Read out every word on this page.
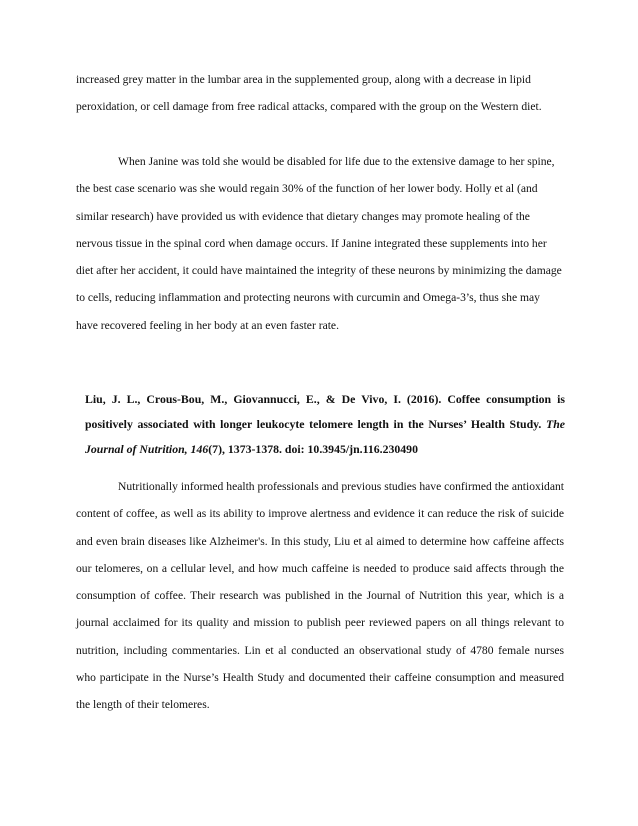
increased grey matter in the lumbar area in the supplemented group, along with a decrease in lipid peroxidation, or cell damage from free radical attacks, compared with the group on the Western diet.

When Janine was told she would be disabled for life due to the extensive damage to her spine, the best case scenario was she would regain 30% of the function of her lower body. Holly et al (and similar research) have provided us with evidence that dietary changes may promote healing of the nervous tissue in the spinal cord when damage occurs. If Janine integrated these supplements into her diet after her accident, it could have maintained the integrity of these neurons by minimizing the damage to cells, reducing inflammation and protecting neurons with curcumin and Omega-3’s, thus she may have recovered feeling in her body at an even faster rate.

Liu, J. L., Crous-Bou, M., Giovannucci, E., & De Vivo, I. (2016). Coffee consumption is positively associated with longer leukocyte telomere length in the Nurses’ Health Study. The Journal of Nutrition, 146(7), 1373-1378. doi: 10.3945/jn.116.230490

Nutritionally informed health professionals and previous studies have confirmed the antioxidant content of coffee, as well as its ability to improve alertness and evidence it can reduce the risk of suicide and even brain diseases like Alzheimer's. In this study, Liu et al aimed to determine how caffeine affects our telomeres, on a cellular level, and how much caffeine is needed to produce said affects through the consumption of coffee. Their research was published in the Journal of Nutrition this year, which is a journal acclaimed for its quality and mission to publish peer reviewed papers on all things relevant to nutrition, including commentaries. Lin et al conducted an observational study of 4780 female nurses who participate in the Nurse’s Health Study and documented their caffeine consumption and measured the length of their telomeres.
